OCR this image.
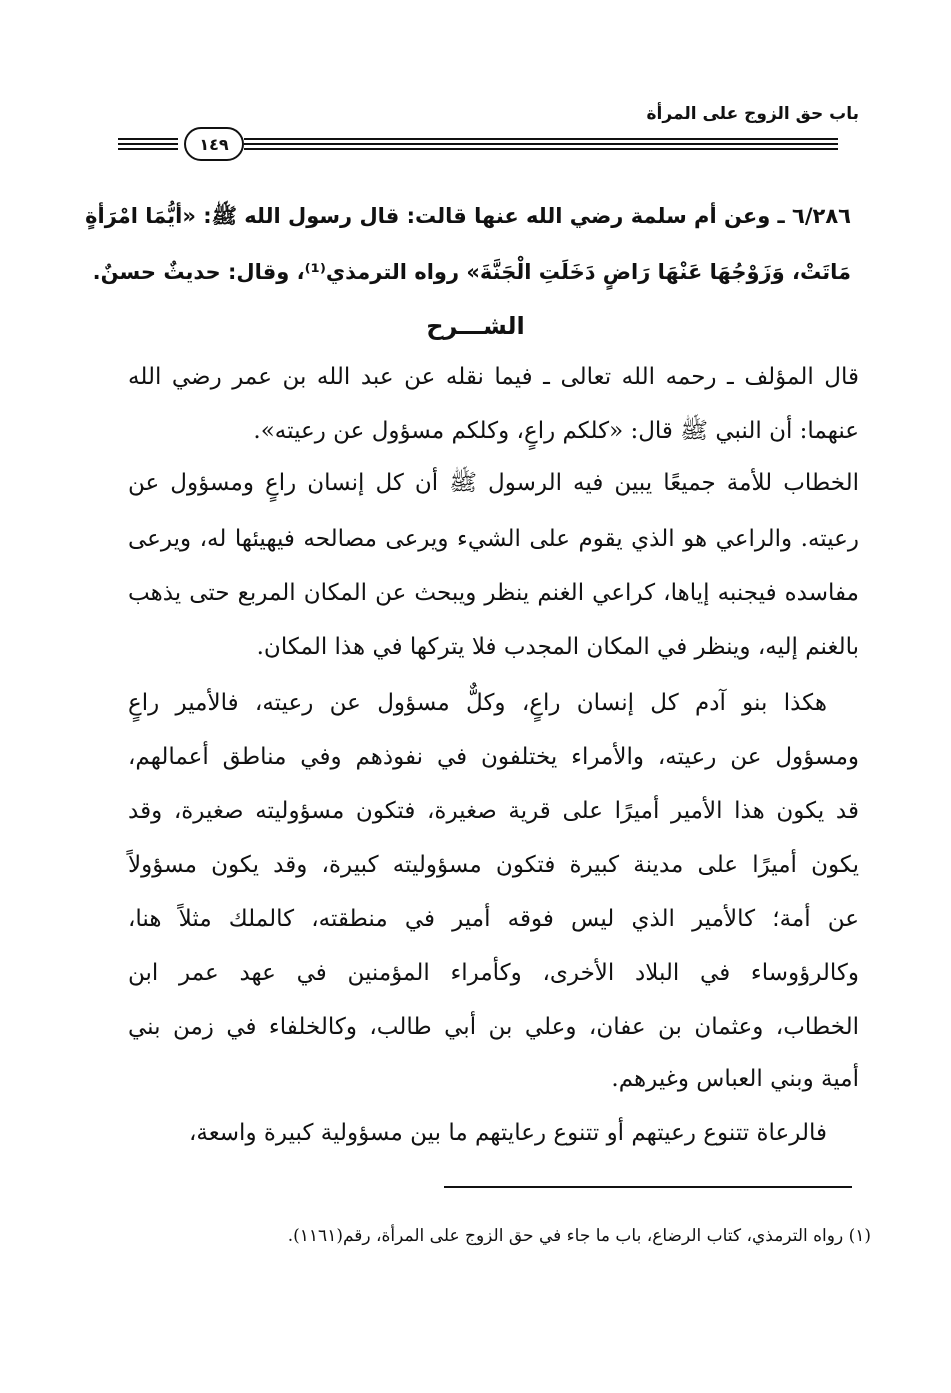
باب حق الزوج على المرأة
١٤٩
٦/٢٨٦ ـ وعن أم سلمة رضي الله عنها قالت: قال رسول الله ﷺ: «أيُّمَا امْرَأةٍ
مَاتَتْ، وَزَوْجُهَا عَنْهَا رَاضٍ دَخَلَتِ الْجَنَّةَ» رواه الترمذي⁽¹⁾، وقال: حديثٌ حسنٌ.
الشـــرح
قال المؤلف ـ رحمه الله تعالى ـ فيما نقله عن عبد الله بن عمر رضي الله
عنهما: أن النبي ﷺ قال: «كلكم راعٍ، وكلكم مسؤول عن رعيته».
الخطاب للأمة جميعًا يبين فيه الرسول ﷺ أن كل إنسان راعٍ ومسؤول عن
رعيته. والراعي هو الذي يقوم على الشيء ويرعى مصالحه فيهيئها له، ويرعى
مفاسده فيجنبه إياها، كراعي الغنم ينظر ويبحث عن المكان المربع حتى يذهب
بالغنم إليه، وينظر في المكان المجدب فلا يتركها في هذا المكان.
هكذا بنو آدم كل إنسان راعٍ، وكلٌّ مسؤول عن رعيته، فالأمير راعٍ
ومسؤول عن رعيته، والأمراء يختلفون في نفوذهم وفي مناطق أعمالهم،
قد يكون هذا الأمير أميرًا على قرية صغيرة، فتكون مسؤوليته صغيرة، وقد
يكون أميرًا على مدينة كبيرة فتكون مسؤوليته كبيرة، وقد يكون مسؤولاً
عن أمة؛ كالأمير الذي ليس فوقه أمير في منطقته، كالملك مثلاً هنا،
وكالرؤوساء في البلاد الأخرى، وكأمراء المؤمنين في عهد عمر ابن
الخطاب، وعثمان بن عفان، وعلي بن أبي طالب، وكالخلفاء في زمن بني
أمية وبني العباس وغيرهم.
فالرعاة تتنوع رعيتهم أو تتنوع رعايتهم ما بين مسؤولية كبيرة واسعة،
(١) رواه الترمذي، كتاب الرضاع، باب ما جاء في حق الزوج على المرأة، رقم(١١٦١).
